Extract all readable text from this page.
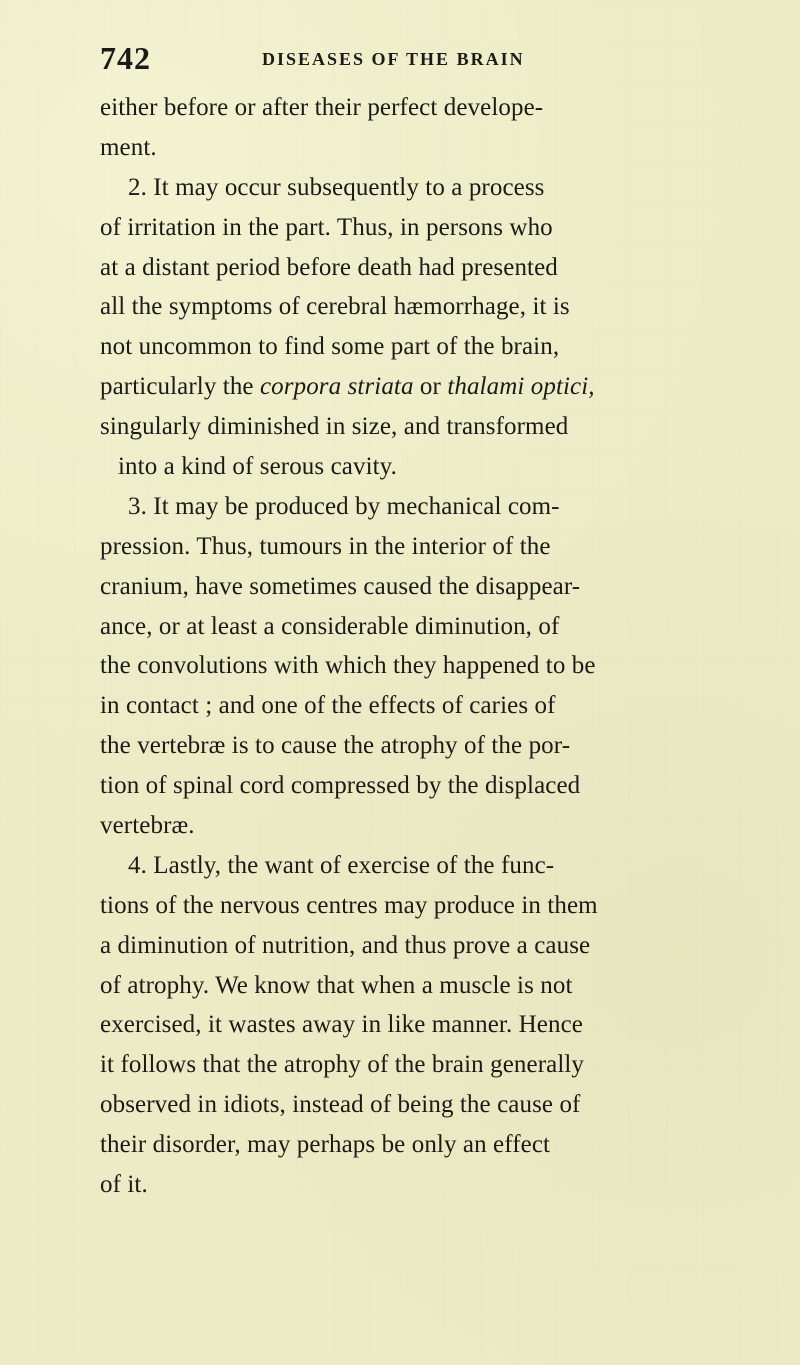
742	DISEASES OF THE BRAIN
either before or after their perfect develope-
ment.
2. It may occur subsequently to a process
of irritation in the part. Thus, in persons who
at a distant period before death had presented
all the symptoms of cerebral hæmorrhage, it is
not uncommon to find some part of the brain,
particularly the corpora striata or thalami optici,
singularly diminished in size, and transformed
into a kind of serous cavity.
3. It may be produced by mechanical com-
pression. Thus, tumours in the interior of the
cranium, have sometimes caused the disappear-
ance, or at least a considerable diminution, of
the convolutions with which they happened to be
in contact ; and one of the effects of caries of
the vertebræ is to cause the atrophy of the por-
tion of spinal cord compressed by the displaced
vertebræ.
4. Lastly, the want of exercise of the func-
tions of the nervous centres may produce in them
a diminution of nutrition, and thus prove a cause
of atrophy. We know that when a muscle is not
exercised, it wastes away in like manner. Hence
it follows that the atrophy of the brain generally
observed in idiots, instead of being the cause of
their disorder, may perhaps be only an effect
of it.
